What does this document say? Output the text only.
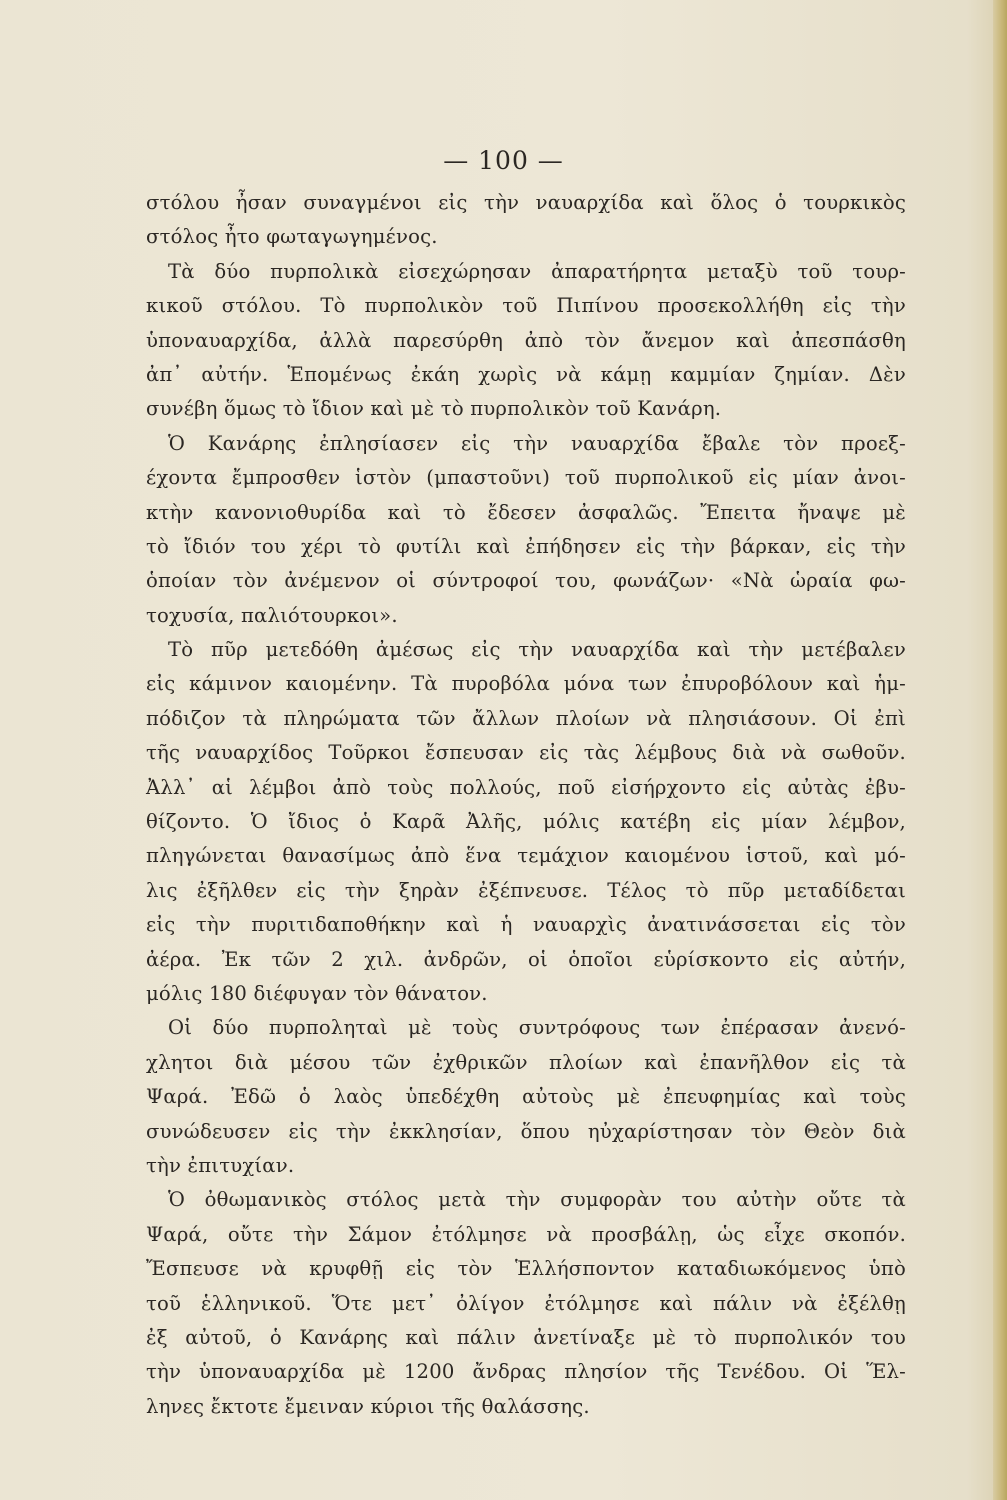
— 100 —
στόλου ἦσαν συναγμένοι εἰς τὴν ναυαρχίδα καὶ ὅλος ὁ τουρκικὸς
στόλος ἦτο φωταγωγημένος.
Τὰ δύο πυρπολικὰ εἰσεχώρησαν ἀπαρατήρητα μεταξὺ τοῦ τουρ-
κικοῦ στόλου. Τὸ πυρπολικὸν τοῦ Πιπίνου προσεκολλήθη εἰς τὴν
ὑποναυαρχίδα, ἀλλὰ παρεσύρθη ἀπὸ τὸν ἄνεμον καὶ ἀπεσπάσθη
ἀπ᾽ αὐτήν. Ἑπομένως ἐκάη χωρὶς νὰ κάμῃ καμμίαν ζημίαν. Δὲν
συνέβη ὅμως τὸ ἴδιον καὶ μὲ τὸ πυρπολικὸν τοῦ Κανάρη.
Ὁ Κανάρης ἐπλησίασεν εἰς τὴν ναυαρχίδα ἔβαλε τὸν προεξ-
έχοντα ἔμπροσθεν ἱστὸν (μπαστοῦνι) τοῦ πυρπολικοῦ εἰς μίαν ἀνοι-
κτὴν κανονιοθυρίδα καὶ τὸ ἔδεσεν ἀσφαλῶς. Ἔπειτα ἤναψε μὲ
τὸ ἴδιόν του χέρι τὸ φυτίλι καὶ ἐπήδησεν εἰς τὴν βάρκαν, εἰς τὴν
ὁποίαν τὸν ἀνέμενον οἱ σύντροφοί του, φωνάζων· «Νὰ ὡραία φω-
τοχυσία, παλιότουρκοι».
Τὸ πῦρ μετεδόθη ἀμέσως εἰς τὴν ναυαρχίδα καὶ τὴν μετέβαλεν
εἰς κάμινον καιομένην. Τὰ πυροβόλα μόνα των ἐπυροβόλουν καὶ ἡμ-
πόδιζον τὰ πληρώματα τῶν ἄλλων πλοίων νὰ πλησιάσουν. Οἱ ἐπὶ
τῆς ναυαρχίδος Τοῦρκοι ἔσπευσαν εἰς τὰς λέμβους διὰ νὰ σωθοῦν.
Ἀλλ᾽ αἱ λέμβοι ἀπὸ τοὺς πολλούς, ποῦ εἰσήρχοντο εἰς αὐτὰς ἐβυ-
θίζοντο. Ὁ ἴδιος ὁ Καρᾶ Ἀλῆς, μόλις κατέβη εἰς μίαν λέμβον,
πληγώνεται θανασίμως ἀπὸ ἕνα τεμάχιον καιομένου ἱστοῦ, καὶ μό-
λις ἐξῆλθεν εἰς τὴν ξηρὰν ἐξέπνευσε. Τέλος τὸ πῦρ μεταδίδεται
εἰς τὴν πυριτιδαποθήκην καὶ ἡ ναυαρχὶς ἀνατινάσσεται εἰς τὸν
ἀέρα. Ἐκ τῶν 2 χιλ. ἀνδρῶν, οἱ ὁποῖοι εὑρίσκοντο εἰς αὐτήν,
μόλις 180 διέφυγαν τὸν θάνατον.
Οἱ δύο πυρποληταὶ μὲ τοὺς συντρόφους των ἐπέρασαν ἀνενό-
χλητοι διὰ μέσου τῶν ἐχθρικῶν πλοίων καὶ ἐπανῆλθον εἰς τὰ
Ψαρά. Ἐδῶ ὁ λαὸς ὑπεδέχθη αὐτοὺς μὲ ἐπευφημίας καὶ τοὺς
συνώδευσεν εἰς τὴν ἐκκλησίαν, ὅπου ηὐχαρίστησαν τὸν Θεὸν διὰ
τὴν ἐπιτυχίαν.
Ὁ ὀθωμανικὸς στόλος μετὰ τὴν συμφορὰν του αὐτὴν οὔτε τὰ
Ψαρά, οὔτε τὴν Σάμον ἐτόλμησε νὰ προσβάλῃ, ὡς εἶχε σκοπόν.
Ἔσπευσε νὰ κρυφθῇ εἰς τὸν Ἑλλήσποντον καταδιωκόμενος ὑπὸ
τοῦ ἑλληνικοῦ. Ὅτε μετ᾽ ὀλίγον ἐτόλμησε καὶ πάλιν νὰ ἐξέλθῃ
ἐξ αὐτοῦ, ὁ Κανάρης καὶ πάλιν ἀνετίναξε μὲ τὸ πυρπολικόν του
τὴν ὑποναυαρχίδα μὲ 1200 ἄνδρας πλησίον τῆς Τενέδου. Οἱ Ἕλ-
ληνες ἔκτοτε ἔμειναν κύριοι τῆς θαλάσσης.
